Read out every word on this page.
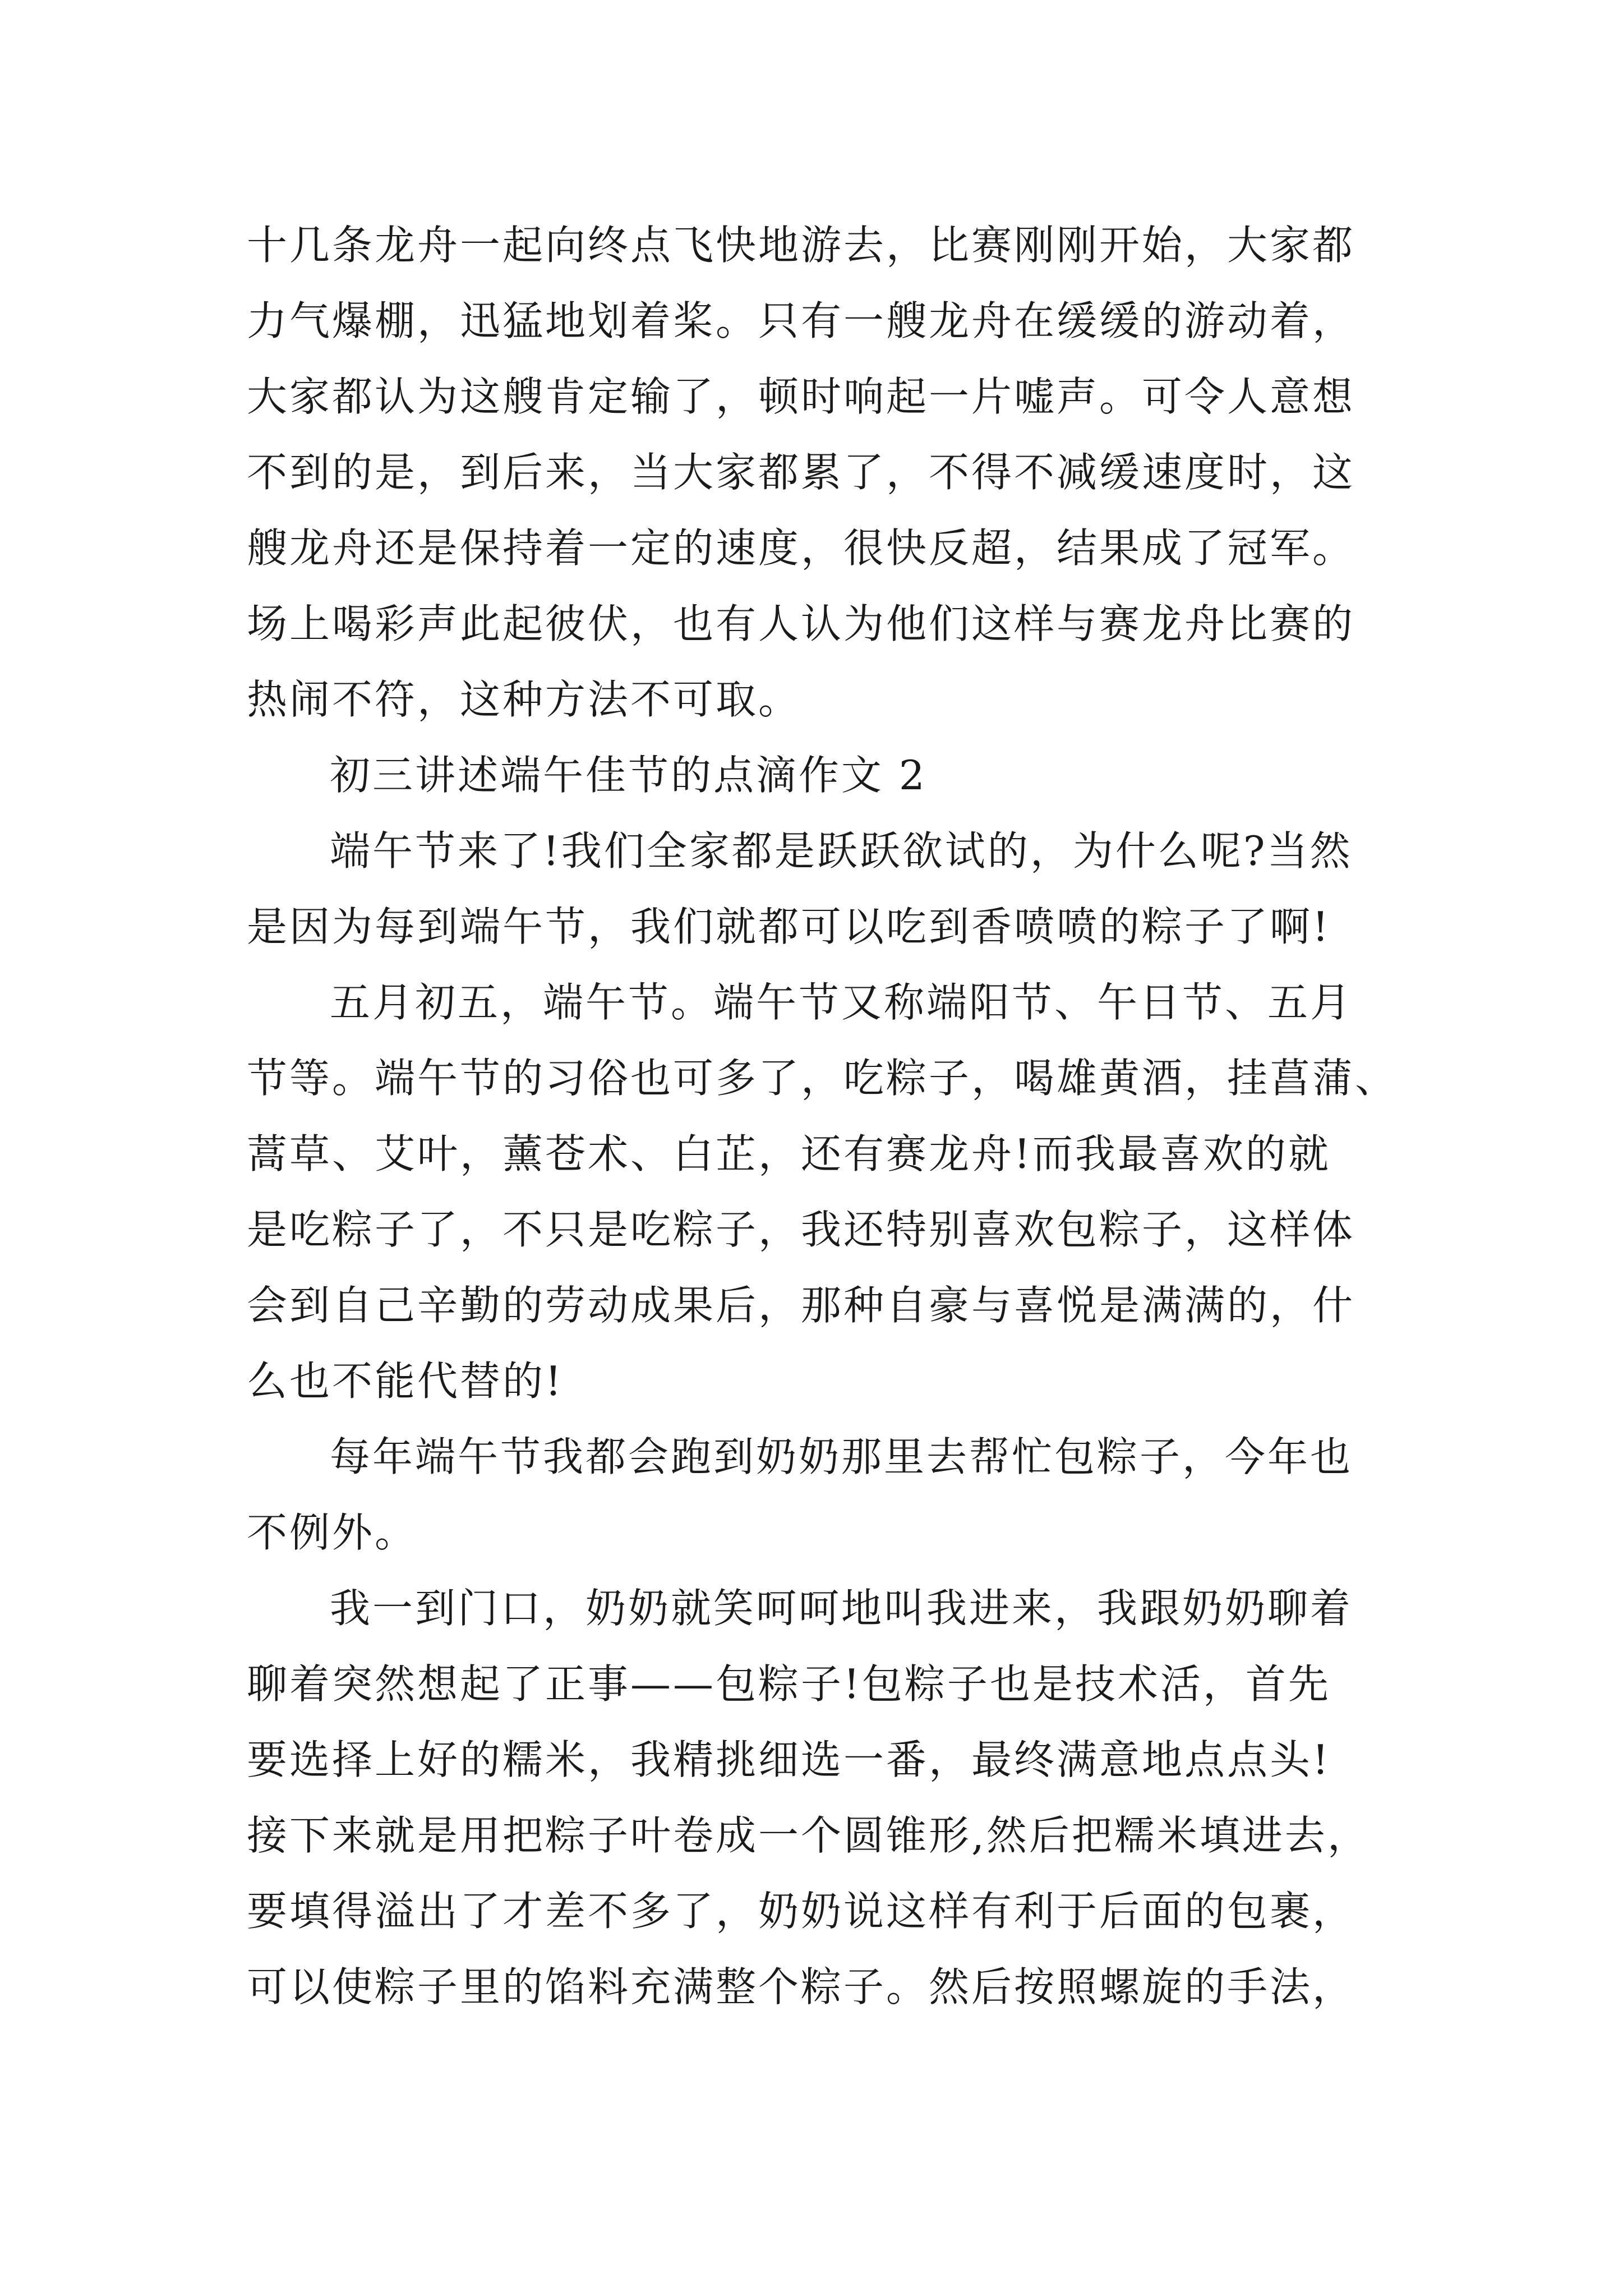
十几条龙舟一起向终点飞快地游去，比赛刚刚开始，大家都
力气爆棚，迅猛地划着桨。只有一艘龙舟在缓缓的游动着，
大家都认为这艘肯定输了，顿时响起一片嘘声。可令人意想
不到的是，到后来，当大家都累了，不得不减缓速度时，这
艘龙舟还是保持着一定的速度，很快反超，结果成了冠军。
场上喝彩声此起彼伏，也有人认为他们这样与赛龙舟比赛的
热闹不符，这种方法不可取。
初三讲述端午佳节的点滴作文 2
端午节来了!我们全家都是跃跃欲试的，为什么呢?当然
是因为每到端午节，我们就都可以吃到香喷喷的粽子了啊!
五月初五，端午节。端午节又称端阳节、午日节、五月
节等。端午节的习俗也可多了，吃粽子，喝雄黄酒，挂菖蒲、
蒿草、艾叶，薰苍术、白芷，还有赛龙舟!而我最喜欢的就
是吃粽子了，不只是吃粽子，我还特别喜欢包粽子，这样体
会到自己辛勤的劳动成果后，那种自豪与喜悦是满满的，什
么也不能代替的!
每年端午节我都会跑到奶奶那里去帮忙包粽子，今年也
不例外。
我一到门口，奶奶就笑呵呵地叫我进来，我跟奶奶聊着
聊着突然想起了正事——包粽子!包粽子也是技术活，首先
要选择上好的糯米，我精挑细选一番，最终满意地点点头!
接下来就是用把粽子叶卷成一个圆锥形,然后把糯米填进去，
要填得溢出了才差不多了，奶奶说这样有利于后面的包裹，
可以使粽子里的馅料充满整个粽子。然后按照螺旋的手法，
